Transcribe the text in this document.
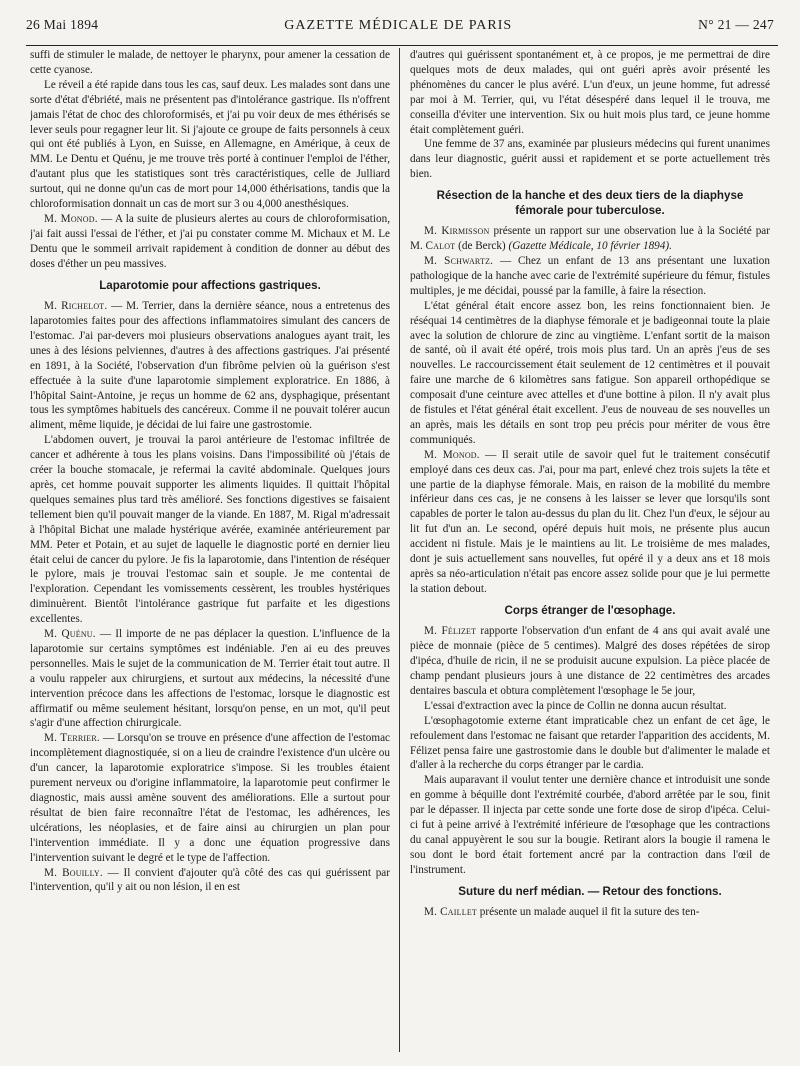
26 Mai 1894	GAZETTE MÉDICALE DE PARIS	N° 21 — 247

suffi de stimuler le malade, de nettoyer le pharynx, pour amener la cessation de cette cyanose.

Le réveil a été rapide dans tous les cas, sauf deux. Les malades sont dans une sorte d'état d'ébriété, mais ne présentent pas d'intolérance gastrique. Ils n'offrent jamais l'état de choc des chloroformisés, et j'ai pu voir deux de mes éthérisés se lever seuls pour regagner leur lit. Si j'ajoute ce groupe de faits personnels à ceux qui ont été publiés à Lyon, en Suisse, en Allemagne, en Amérique, à ceux de MM. Le Dentu et Quénu, je me trouve très porté à continuer l'emploi de l'éther, d'autant plus que les statistiques sont très caractéristiques, celle de Julliard surtout, qui ne donne qu'un cas de mort pour 14,000 éthérisations, tandis que la chloroformisation donnait un cas de mort sur 3 ou 4,000 anesthésiques.

M. Monod. — A la suite de plusieurs alertes au cours de chloroformisation, j'ai fait aussi l'essai de l'éther, et j'ai pu constater comme M. Michaux et M. Le Dentu que le sommeil arrivait rapidement à condition de donner au début des doses d'éther un peu massives.

Laparotomie pour affections gastriques.

M. Richelot. — M. Terrier, dans la dernière séance, nous a entretenus des laparotomies faites pour des affections inflammatoires simulant des cancers de l'estomac. J'ai par-devers moi plusieurs observations analogues ayant trait, les unes à des lésions pelviennes, d'autres à des affections gastriques. J'ai présenté en 1891, à la Société, l'observation d'un fibrôme pelvien où la guérison s'est effectuée à la suite d'une laparotomie simplement exploratrice. En 1886, à l'hôpital Saint-Antoine, je reçus un homme de 62 ans, dysphagique, présentant tous les symptômes habituels des cancéreux. Comme il ne pouvait tolérer aucun aliment, même liquide, je décidai de lui faire une gastrostomie.

L'abdomen ouvert, je trouvai la paroi antérieure de l'estomac infiltrée de cancer et adhérente à tous les plans voisins. Dans l'impossibilité où j'étais de créer la bouche stomacale, je refermai la cavité abdominale. Quelques jours après, cet homme pouvait supporter les aliments liquides. Il quittait l'hôpital quelques semaines plus tard très amélioré. Ses fonctions digestives se faisaient tellement bien qu'il pouvait manger de la viande. En 1887, M. Rigal m'adressait à l'hôpital Bichat une malade hystérique avérée, examinée antérieurement par MM. Peter et Potain, et au sujet de laquelle le diagnostic porté en dernier lieu était celui de cancer du pylore. Je fis la laparotomie, dans l'intention de réséquer le pylore, mais je trouvai l'estomac sain et souple. Je me contentai de l'exploration. Cependant les vomissements cessèrent, les troubles hystériques diminuèrent. Bientôt l'intolérance gastrique fut parfaite et les digestions excellentes.

M. Quénu. — Il importe de ne pas déplacer la question. L'influence de la laparotomie sur certains symptômes est indéniable. J'en ai eu des preuves personnelles. Mais le sujet de la communication de M. Terrier était tout autre. Il a voulu rappeler aux chirurgiens, et surtout aux médecins, la nécessité d'une intervention précoce dans les affections de l'estomac, lorsque le diagnostic est affirmatif ou même seulement hésitant, lorsqu'on pense, en un mot, qu'il peut s'agir d'une affection chirurgicale.

M. Terrier. — Lorsqu'on se trouve en présence d'une affection de l'estomac incomplètement diagnostiquée, si on a lieu de craindre l'existence d'un ulcère ou d'un cancer, la laparotomie exploratrice s'impose. Si les troubles étaient purement nerveux ou d'origine inflammatoire, la laparotomie peut confirmer le diagnostic, mais aussi amène souvent des améliorations. Elle a surtout pour résultat de bien faire reconnaître l'état de l'estomac, les adhérences, les ulcérations, les néoplasies, et de faire ainsi au chirurgien un plan pour l'intervention immédiate. Il y a donc une équation progressive dans l'intervention suivant le degré et le type de l'affection.

M. Bouilly. — Il convient d'ajouter qu'à côté des cas qui guérissent par l'intervention, qu'il y ait ou non lésion, il en est

d'autres qui guérissent spontanément et, à ce propos, je me permettrai de dire quelques mots de deux malades, qui ont guéri après avoir présenté les phénomènes du cancer le plus avéré. L'un d'eux, un jeune homme, fut adressé par moi à M. Terrier, qui, vu l'état désespéré dans lequel il le trouva, me conseilla d'éviter une intervention. Six ou huit mois plus tard, ce jeune homme était complètement guéri.

Une femme de 37 ans, examinée par plusieurs médecins qui furent unanimes dans leur diagnostic, guérit aussi et rapidement et se porte actuellement très bien.

Résection de la hanche et des deux tiers de la diaphyse fémorale pour tuberculose.

M. Kirmisson présente un rapport sur une observation lue à la Société par M. Calot (de Berck) (Gazette Médicale, 10 février 1894).

M. Schwartz. — Chez un enfant de 13 ans présentant une luxation pathologique de la hanche avec carie de l'extrémité supérieure du fémur, fistules multiples, je me décidai, poussé par la famille, à faire la résection.

L'état général était encore assez bon, les reins fonctionnaient bien. Je réséquai 14 centimètres de la diaphyse fémorale et je badigeonnai toute la plaie avec la solution de chlorure de zinc au vingtième. L'enfant sortit de la maison de santé, où il avait été opéré, trois mois plus tard. Un an après j'eus de ses nouvelles. Le raccourcissement était seulement de 12 centimètres et il pouvait faire une marche de 6 kilomètres sans fatigue. Son appareil orthopédique se composait d'une ceinture avec attelles et d'une bottine à pilon. Il n'y avait plus de fistules et l'état général était excellent. J'eus de nouveau de ses nouvelles un an après, mais les détails en sont trop peu précis pour mériter de vous être communiqués.

M. Monod. — Il serait utile de savoir quel fut le traitement consécutif employé dans ces deux cas. J'ai, pour ma part, enlevé chez trois sujets la tête et une partie de la diaphyse fémorale. Mais, en raison de la mobilité du membre inférieur dans ces cas, je ne consens à les laisser se lever que lorsqu'ils sont capables de porter le talon au-dessus du plan du lit. Chez l'un d'eux, le séjour au lit fut d'un an. Le second, opéré depuis huit mois, ne présente plus aucun accident ni fistule. Mais je le maintiens au lit. Le troisième de mes malades, dont je suis actuellement sans nouvelles, fut opéré il y a deux ans et 18 mois après sa néo-articulation n'était pas encore assez solide pour que je lui permette la station debout.

Corps étranger de l'œsophage.

M. Félizet rapporte l'observation d'un enfant de 4 ans qui avait avalé une pièce de monnaie (pièce de 5 centimes). Malgré des doses répétées de sirop d'ipéca, d'huile de ricin, il ne se produisit aucune expulsion. La pièce placée de champ pendant plusieurs jours à une distance de 22 centimètres des arcades dentaires bascula et obtura complètement l'œsophage le 5e jour,

L'essai d'extraction avec la pince de Collin ne donna aucun résultat.

L'œsophagotomie externe étant impraticable chez un enfant de cet âge, le refoulement dans l'estomac ne faisant que retarder l'apparition des accidents, M. Félizet pensa faire une gastrostomie dans le double but d'alimenter le malade et d'aller à la recherche du corps étranger par le cardia.

Mais auparavant il voulut tenter une dernière chance et introduisit une sonde en gomme à béquille dont l'extrémité courbée, d'abord arrêtée par le sou, finit par le dépasser. Il injecta par cette sonde une forte dose de sirop d'ipéca. Celui-ci fut à peine arrivé à l'extrémité inférieure de l'œsophage que les contractions du canal appuyèrent le sou sur la bougie. Retirant alors la bougie il ramena le sou dont le bord était fortement ancré par la contraction dans l'œil de l'instrument.

Suture du nerf médian. — Retour des fonctions.

M. Caillet présente un malade auquel il fit la suture des ten-
